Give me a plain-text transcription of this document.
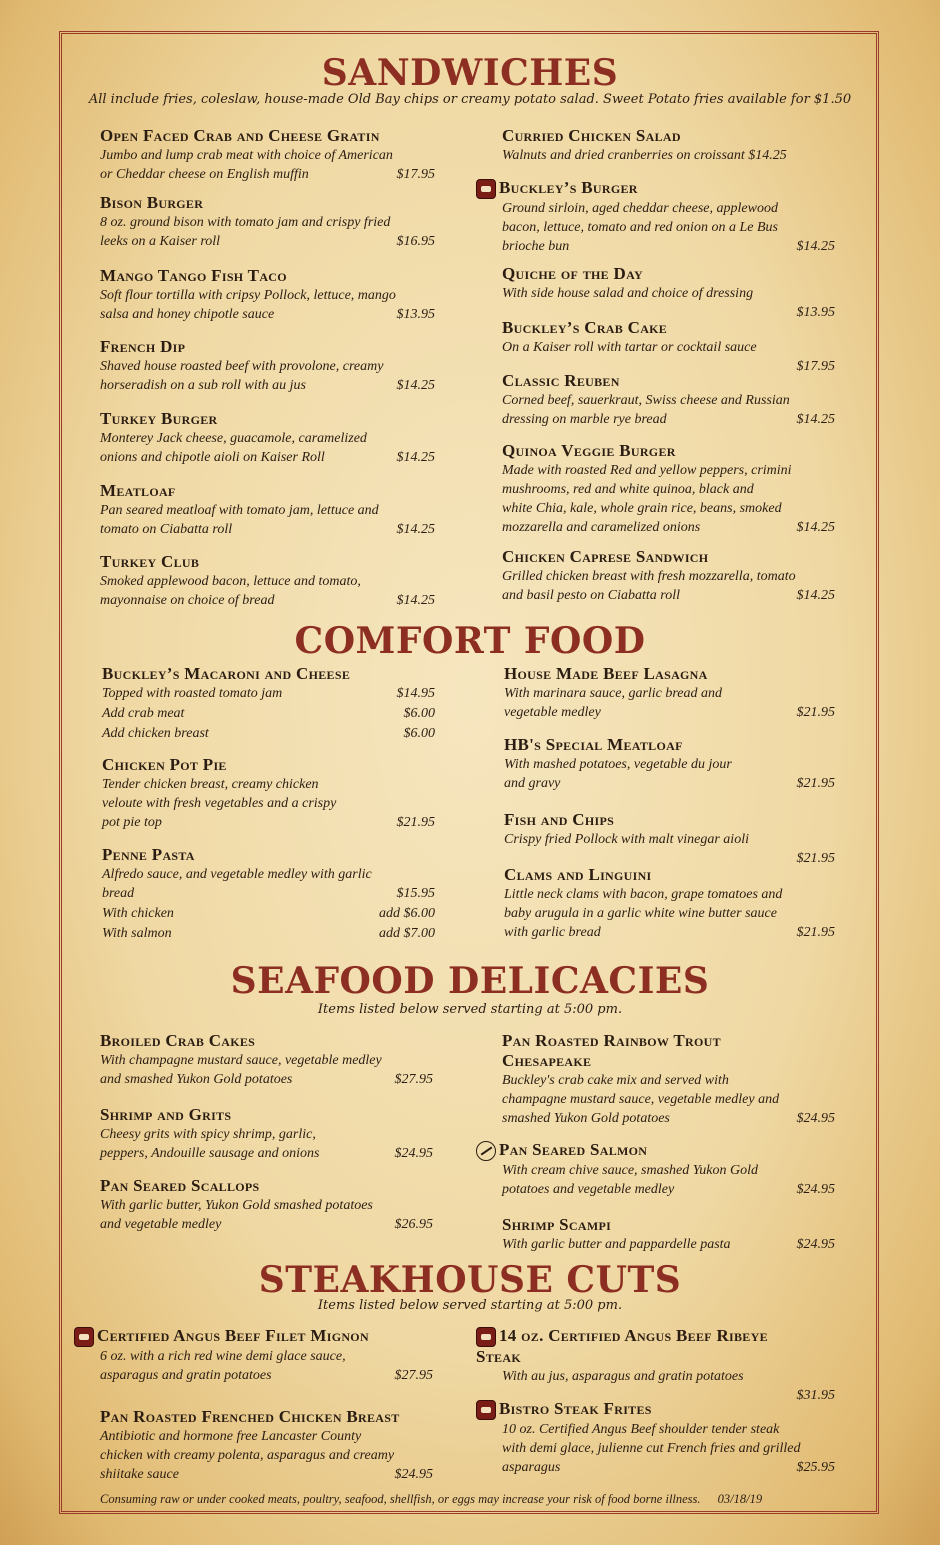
SANDWICHES

All include fries, coleslaw, house-made Old Bay chips or creamy potato salad. Sweet Potato fries available for $1.50

Open Faced Crab and Cheese Gratin
Jumbo and lump crab meat with choice of American
or Cheddar cheese on English muffin	$17.95
Bison Burger
8 oz. ground bison with tomato jam and crispy fried
leeks on a Kaiser roll	$16.95
Mango Tango Fish Taco
Soft flour tortilla with cripsy Pollock, lettuce, mango
salsa and honey chipotle sauce	$13.95
French Dip
Shaved house roasted beef with provolone, creamy
horseradish on a sub roll with au jus	$14.25
Turkey Burger
Monterey Jack cheese, guacamole, caramelized
onions and chipotle aioli on Kaiser Roll	$14.25
Meatloaf
Pan seared meatloaf with tomato jam, lettuce and
tomato on Ciabatta roll	$14.25
Turkey Club
Smoked applewood bacon, lettuce and tomato,
mayonnaise on choice of bread	$14.25
Curried Chicken Salad
Walnuts and dried cranberries on croissant $14.25
Buckley’s Burger
Ground sirloin, aged cheddar cheese, applewood
bacon, lettuce, tomato and red onion on a Le Bus
brioche bun	$14.25
Quiche of the Day
With side house salad and choice of dressing
$13.95
Buckley’s Crab Cake
On a Kaiser roll with tartar or cocktail sauce
$17.95
Classic Reuben
Corned beef, sauerkraut, Swiss cheese and Russian
dressing on marble rye bread	$14.25
Quinoa Veggie Burger
Made with roasted Red and yellow peppers, crimini
mushrooms, red and white quinoa, black and
white Chia, kale, whole grain rice, beans, smoked
mozzarella and caramelized onions	$14.25
Chicken Caprese Sandwich
Grilled chicken breast with fresh mozzarella, tomato
and basil pesto on Ciabatta roll	$14.25
COMFORT FOOD
Buckley’s Macaroni and Cheese
Topped with roasted tomato jam	$14.95
Add crab meat	$6.00
Add chicken breast	$6.00
Chicken Pot Pie
Tender chicken breast, creamy chicken
veloute with fresh vegetables and a crispy
pot pie top	$21.95
Penne Pasta
Alfredo sauce, and vegetable medley with garlic
bread	$15.95
With chicken	add $6.00
With salmon	add $7.00
House Made Beef Lasagna
With marinara sauce, garlic bread and
vegetable medley	$21.95
HB's Special Meatloaf
With mashed potatoes, vegetable du jour
and gravy	$21.95
Fish and Chips
Crispy fried Pollock with malt vinegar aioli
$21.95
Clams and Linguini
Little neck clams with bacon, grape tomatoes and
baby arugula in a garlic white wine butter sauce
with garlic bread	$21.95
SEAFOOD DELICACIES

Items listed below served starting at 5:00 pm.

Broiled Crab Cakes
With champagne mustard sauce, vegetable medley
and smashed Yukon Gold potatoes	$27.95
Shrimp and Grits
Cheesy grits with spicy shrimp, garlic,
peppers, Andouille sausage and onions	$24.95
Pan Seared Scallops
With garlic butter, Yukon Gold smashed potatoes
and vegetable medley	$26.95
Pan Roasted Rainbow Trout
Chesapeake
Buckley's crab cake mix and served with
champagne mustard sauce, vegetable medley and
smashed Yukon Gold potatoes	$24.95
Pan Seared Salmon
With cream chive sauce, smashed Yukon Gold
potatoes and vegetable medley	$24.95
Shrimp Scampi
With garlic butter and pappardelle pasta	$24.95
STEAKHOUSE CUTS

Items listed below served starting at 5:00 pm.

Certified Angus Beef Filet Mignon
6 oz. with a rich red wine demi glace sauce,
asparagus and gratin potatoes	$27.95
Pan Roasted Frenched Chicken Breast
Antibiotic and hormone free Lancaster County
chicken with creamy polenta, asparagus and creamy
shiitake sauce	$24.95
14 oz. Certified Angus Beef Ribeye
Steak
With au jus, asparagus and gratin potatoes
$31.95
Bistro Steak Frites
10 oz. Certified Angus Beef shoulder tender steak
with demi glace, julienne cut French fries and grilled
asparagus	$25.95
Consuming raw or under cooked meats, poultry, seafood, shellfish, or eggs may increase your risk of food borne illness. 03/18/19
